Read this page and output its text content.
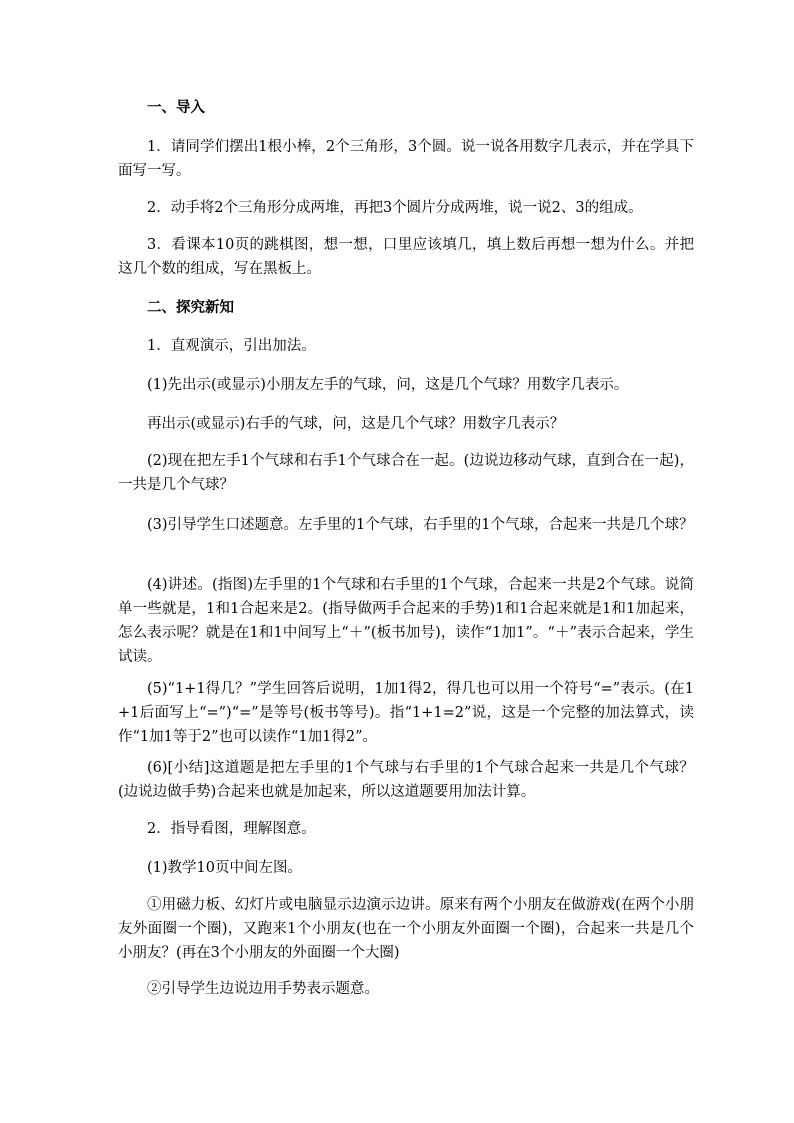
一、导入

1．请同学们摆出1根小棒，2个三角形，3个圆。说一说各用数字几表示，并在学具下面写一写。

2．动手将2个三角形分成两堆，再把3个圆片分成两堆，说一说2、3的组成。

3．看课本10页的跳棋图，想一想，口里应该填几，填上数后再想一想为什么。并把这几个数的组成，写在黑板上。

二、探究新知

1．直观演示，引出加法。

(1)先出示(或显示)小朋友左手的气球，问，这是几个气球？用数字几表示。

再出示(或显示)右手的气球，问，这是几个气球？用数字几表示？

(2)现在把左手1个气球和右手1个气球合在一起。(边说边移动气球，直到合在一起)，一共是几个气球？

(3)引导学生口述题意。左手里的1个气球，右手里的1个气球，合起来一共是几个球？

(4)讲述。(指图)左手里的1个气球和右手里的1个气球，合起来一共是2个气球。说简单一些就是，1和1合起来是2。(指导做两手合起来的手势)1和1合起来就是1和1加起来，怎么表示呢？就是在1和1中间写上“＋”(板书加号)，读作“1加1”。“＋”表示合起来，学生试读。

(5)“1+1得几？”学生回答后说明，1加1得2，得几也可以用一个符号“=”表示。(在1+1后面写上“=”)“=”是等号(板书等号)。指“1+1=2”说，这是一个完整的加法算式，读作“1加1等于2”也可以读作“1加1得2”。

(6)[小结]这道题是把左手里的1个气球与右手里的1个气球合起来一共是几个气球？(边说边做手势)合起来也就是加起来，所以这道题要用加法计算。

2．指导看图，理解图意。

(1)教学10页中间左图。

①用磁力板、幻灯片或电脑显示边演示边讲。原来有两个小朋友在做游戏(在两个小朋友外面圈一个圈)，又跑来1个小朋友(也在一个小朋友外面圈一个圈)，合起来一共是几个小朋友？(再在3个小朋友的外面圈一个大圈)

②引导学生边说边用手势表示题意。
